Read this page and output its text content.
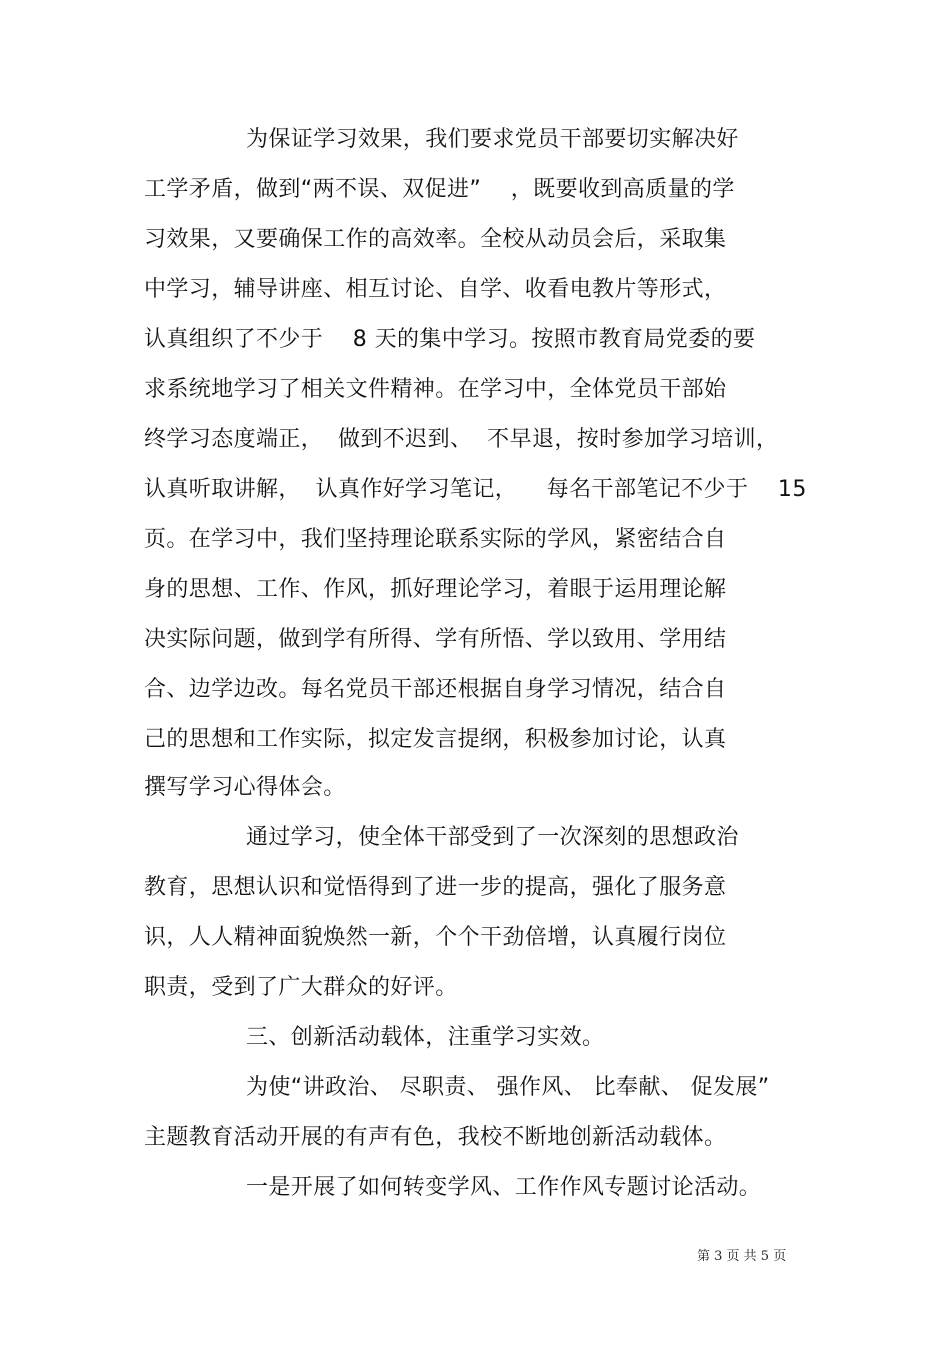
为保证学习效果，我们要求党员干部要切实解决好
工学矛盾，做到“两不误、双促进”    ，既要收到高质量的学
习效果，又要确保工作的高效率。全校从动员会后，采取集
中学习，辅导讲座、相互讨论、自学、收看电教片等形式，
认真组织了不少于    8 天的集中学习。按照市教育局党委的要
求系统地学习了相关文件精神。在学习中，全体党员干部始
终学习态度端正，  做到不迟到、  不早退，按时参加学习培训，
认真听取讲解，  认真作好学习笔记，    每名干部笔记不少于    15
页。在学习中，我们坚持理论联系实际的学风，紧密结合自
身的思想、工作、作风，抓好理论学习，着眼于运用理论解
决实际问题，做到学有所得、学有所悟、学以致用、学用结
合、边学边改。每名党员干部还根据自身学习情况，结合自
己的思想和工作实际，拟定发言提纲，积极参加讨论，认真
撰写学习心得体会。
通过学习，使全体干部受到了一次深刻的思想政治
教育，思想认识和觉悟得到了进一步的提高，强化了服务意
识，人人精神面貌焕然一新，个个干劲倍增，认真履行岗位
职责，受到了广大群众的好评。
三、创新活动载体，注重学习实效。
为使“讲政治、 尽职责、 强作风、 比奉献、 促发展”
主题教育活动开展的有声有色，我校不断地创新活动载体。
一是开展了如何转变学风、工作作风专题讨论活动。
第 3 页 共 5 页
